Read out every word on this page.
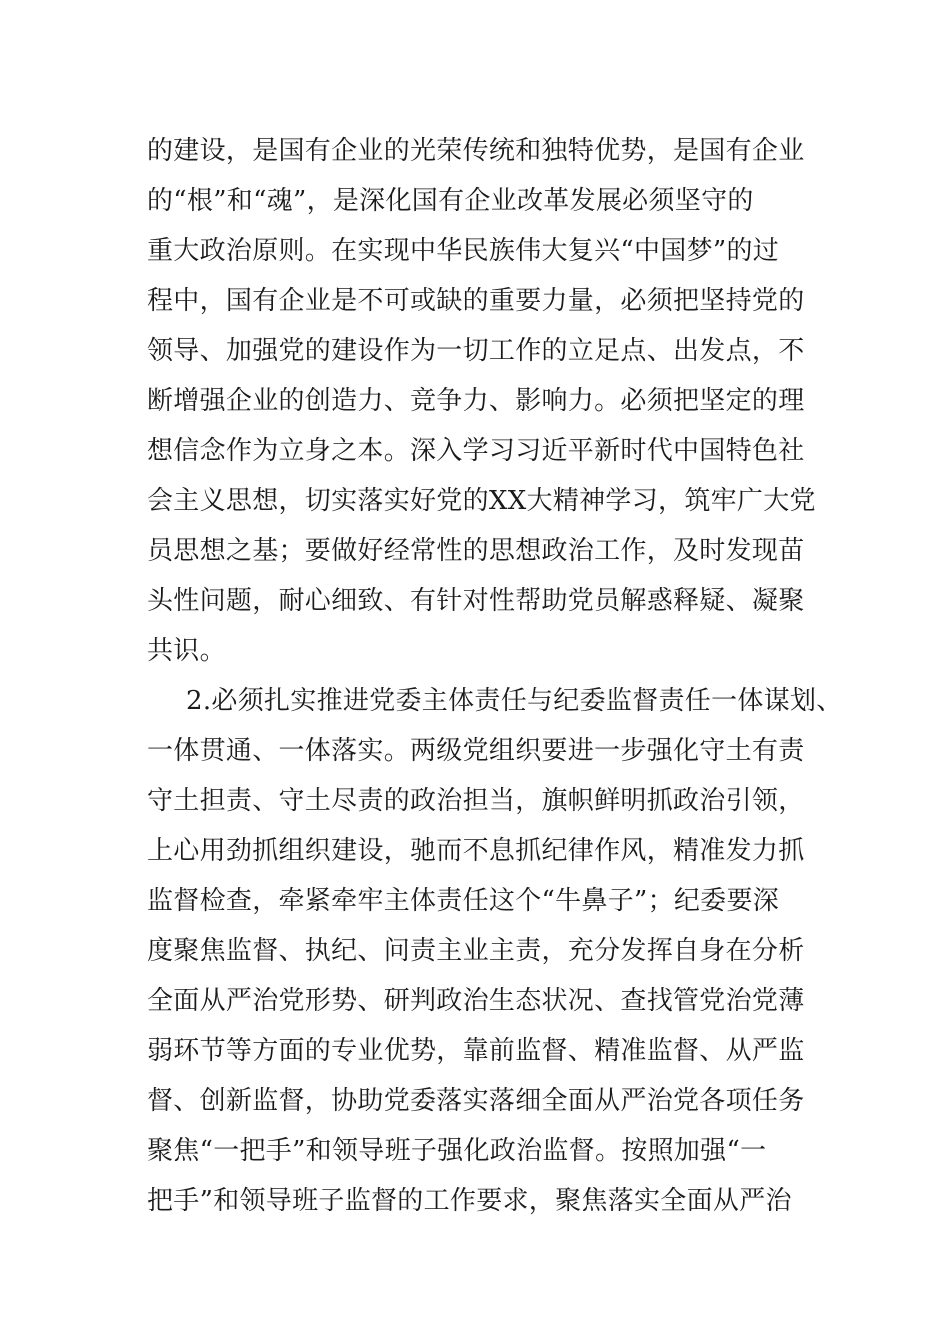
的建设，是国有企业的光荣传统和独特优势，是国有企业
的“根”和“魂”，是深化国有企业改革发展必须坚守的
重大政治原则。在实现中华民族伟大复兴“中国梦”的过
程中，国有企业是不可或缺的重要力量，必须把坚持党的
领导、加强党的建设作为一切工作的立足点、出发点，不
断增强企业的创造力、竞争力、影响力。必须把坚定的理
想信念作为立身之本。深入学习习近平新时代中国特色社
会主义思想，切实落实好党的XX大精神学习，筑牢广大党
员思想之基；要做好经常性的思想政治工作，及时发现苗
头性问题，耐心细致、有针对性帮助党员解惑释疑、凝聚
共识。
2.必须扎实推进党委主体责任与纪委监督责任一体谋划、
一体贯通、一体落实。两级党组织要进一步强化守土有责
守土担责、守土尽责的政治担当，旗帜鲜明抓政治引领，
上心用劲抓组织建设，驰而不息抓纪律作风，精准发力抓
监督检查，牵紧牵牢主体责任这个“牛鼻子”；纪委要深
度聚焦监督、执纪、问责主业主责，充分发挥自身在分析
全面从严治党形势、研判政治生态状况、查找管党治党薄
弱环节等方面的专业优势，靠前监督、精准监督、从严监
督、创新监督，协助党委落实落细全面从严治党各项任务
聚焦“一把手”和领导班子强化政治监督。按照加强“一
把手”和领导班子监督的工作要求，聚焦落实全面从严治
